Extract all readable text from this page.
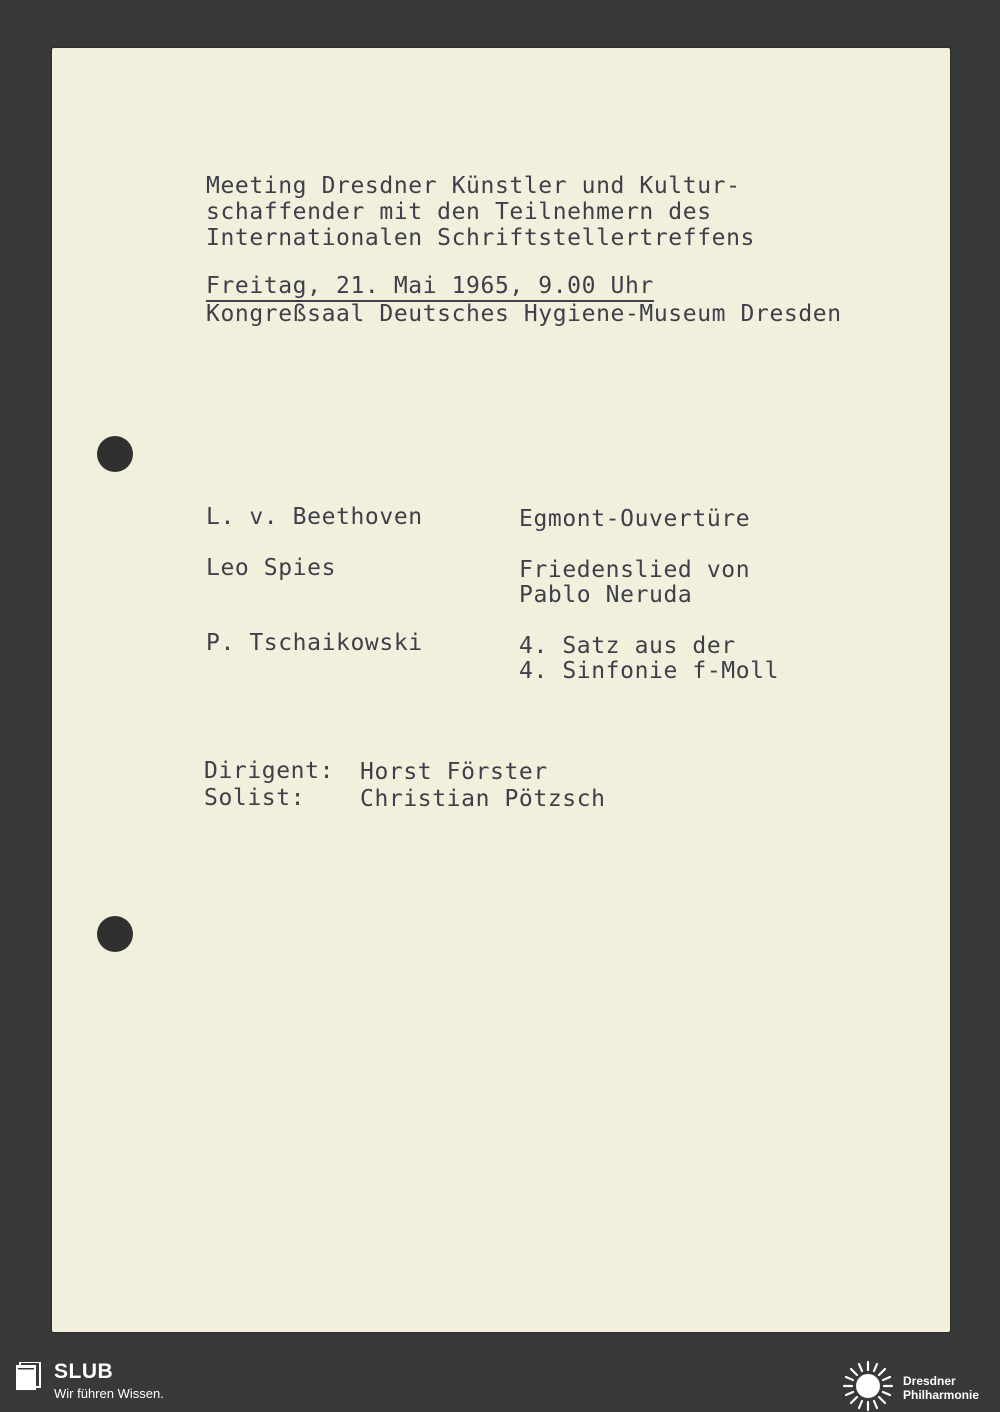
Meeting Dresdner Künstler und Kultur-
schaffender mit den Teilnehmern des
Internationalen Schriftstellertreffens
Freitag, 21. Mai 1965, 9.00 Uhr
Kongreßsaal Deutsches Hygiene-Museum Dresden
L. v. Beethoven	Egmont-Ouvertüre
Leo Spies	Friedenslied von
Pablo Neruda
P. Tschaikowski	4. Satz aus der
4. Sinfonie f-Moll
Dirigent: Horst Förster
Solist: Christian Pötzsch
SLUB
Wir führen Wissen.
Dresdner
Philharmonie
